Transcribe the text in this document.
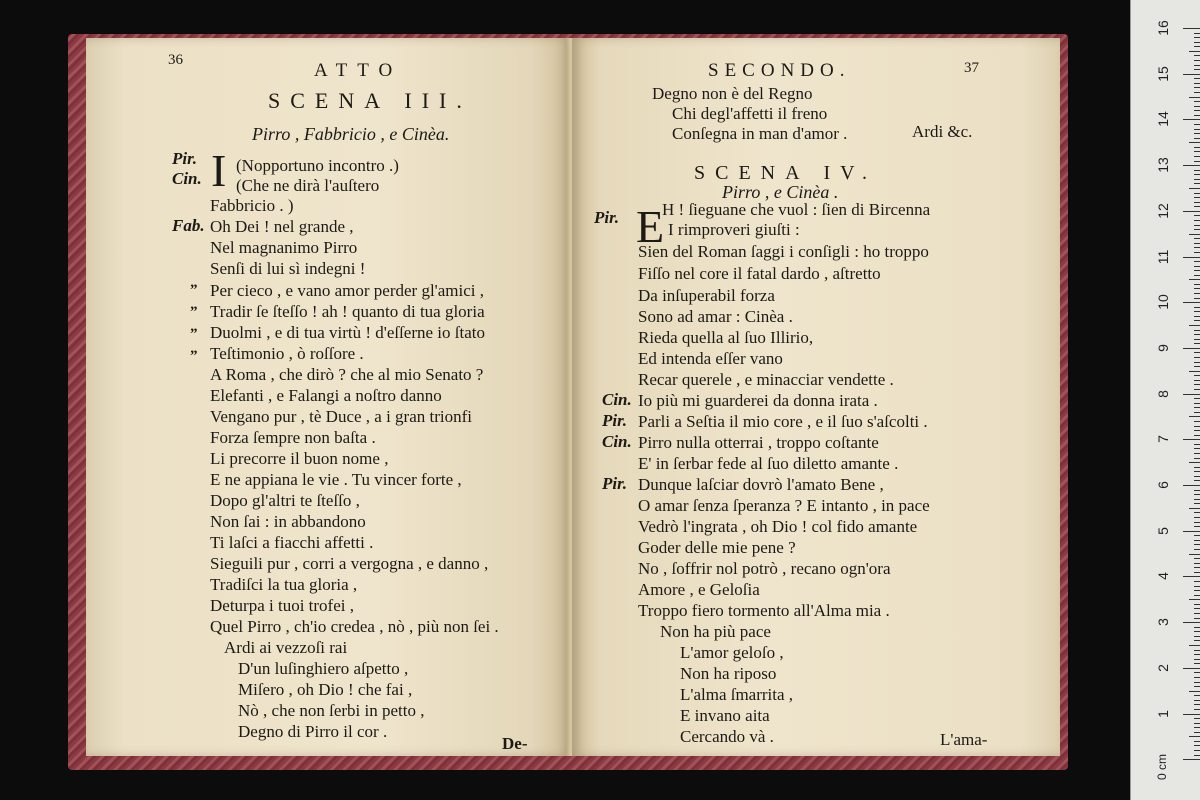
36	ATTO
SCENA III.
Pirro , Fabbricio , e Cinèa.
Pir.
Cin. I (Nopportuno incontro .)
(Che ne dirà l'auſtero
Fabbricio . )
Fab. Oh Dei ! nel grande ,
Nel magnanimo Pirro
Senſi di lui sì indegni !
” Per cieco , e vano amor perder gl'amici ,
” Tradir ſe ſteſſo ! ah ! quanto di tua gloria
” Duolmi , e di tua virtù ! d'eſſerne io ſtato
” Teſtimonio , ò roſſore .
A Roma , che dirò ? che al mio Senato ?
Elefanti , e Falangi a noſtro danno
Vengano pur , tè Duce , a i gran trionfi
Forza ſempre non baſta .
Li precorre il buon nome ,
E ne appiana le vie . Tu vincer forte ,
Dopo gl'altri te ſteſſo ,
Non ſai : in abbandono
Ti laſci a fiacchi affetti .
Sieguili pur , corri a vergogna , e danno ,
Tradiſci la tua gloria ,
Deturpa i tuoi trofei ,
Quel Pirro , ch'io credea , nò , più non ſei .
Ardi ai vezzoſi rai
D'un luſinghiero aſpetto ,
Miſero , oh Dio ! che fai ,
Nò , che non ſerbi in petto ,
Degno di Pirro il cor .
De-
SECONDO.	37
Degno non è del Regno
Chi degl'affetti il freno
Conſegna in man d'amor .	Ardi &c.
SCENA IV.
Pirro , e Cinèa .
Pir. E
H ! ſieguane che vuol : ſien di Bircenna
I rimproveri giuſti :
Sien del Roman ſaggi i conſigli : ho troppo
Fiſſo nel core il fatal dardo , aſtretto
Da inſuperabil forza
Sono ad amar : Cinèa .
Rieda quella al ſuo Illirio,
Ed intenda eſſer vano
Recar querele , e minacciar vendette .
Cin. Io più mi guarderei da donna irata .
Pir. Parli a Seſtia il mio core , e il ſuo s'aſcolti .
Cin. Pirro nulla otterrai , troppo coſtante
E' in ſerbar fede al ſuo diletto amante .
Pir. Dunque laſciar dovrò l'amato Bene ,
O amar ſenza ſperanza ? E intanto , in pace
Vedrò l'ingrata , oh Dio ! col fido amante
Goder delle mie pene ?
No , ſoffrir nol potrò , recano ogn'ora
Amore , e Geloſia
Troppo fiero tormento all'Alma mia .
Non ha più pace
L'amor geloſo ,
Non ha riposo
L'alma ſmarrita ,
E invano aita
Cercando và .	L'ama-
0 cm
16
15
14
13
12
11
10
9
8
7
6
5
4
3
2
1
